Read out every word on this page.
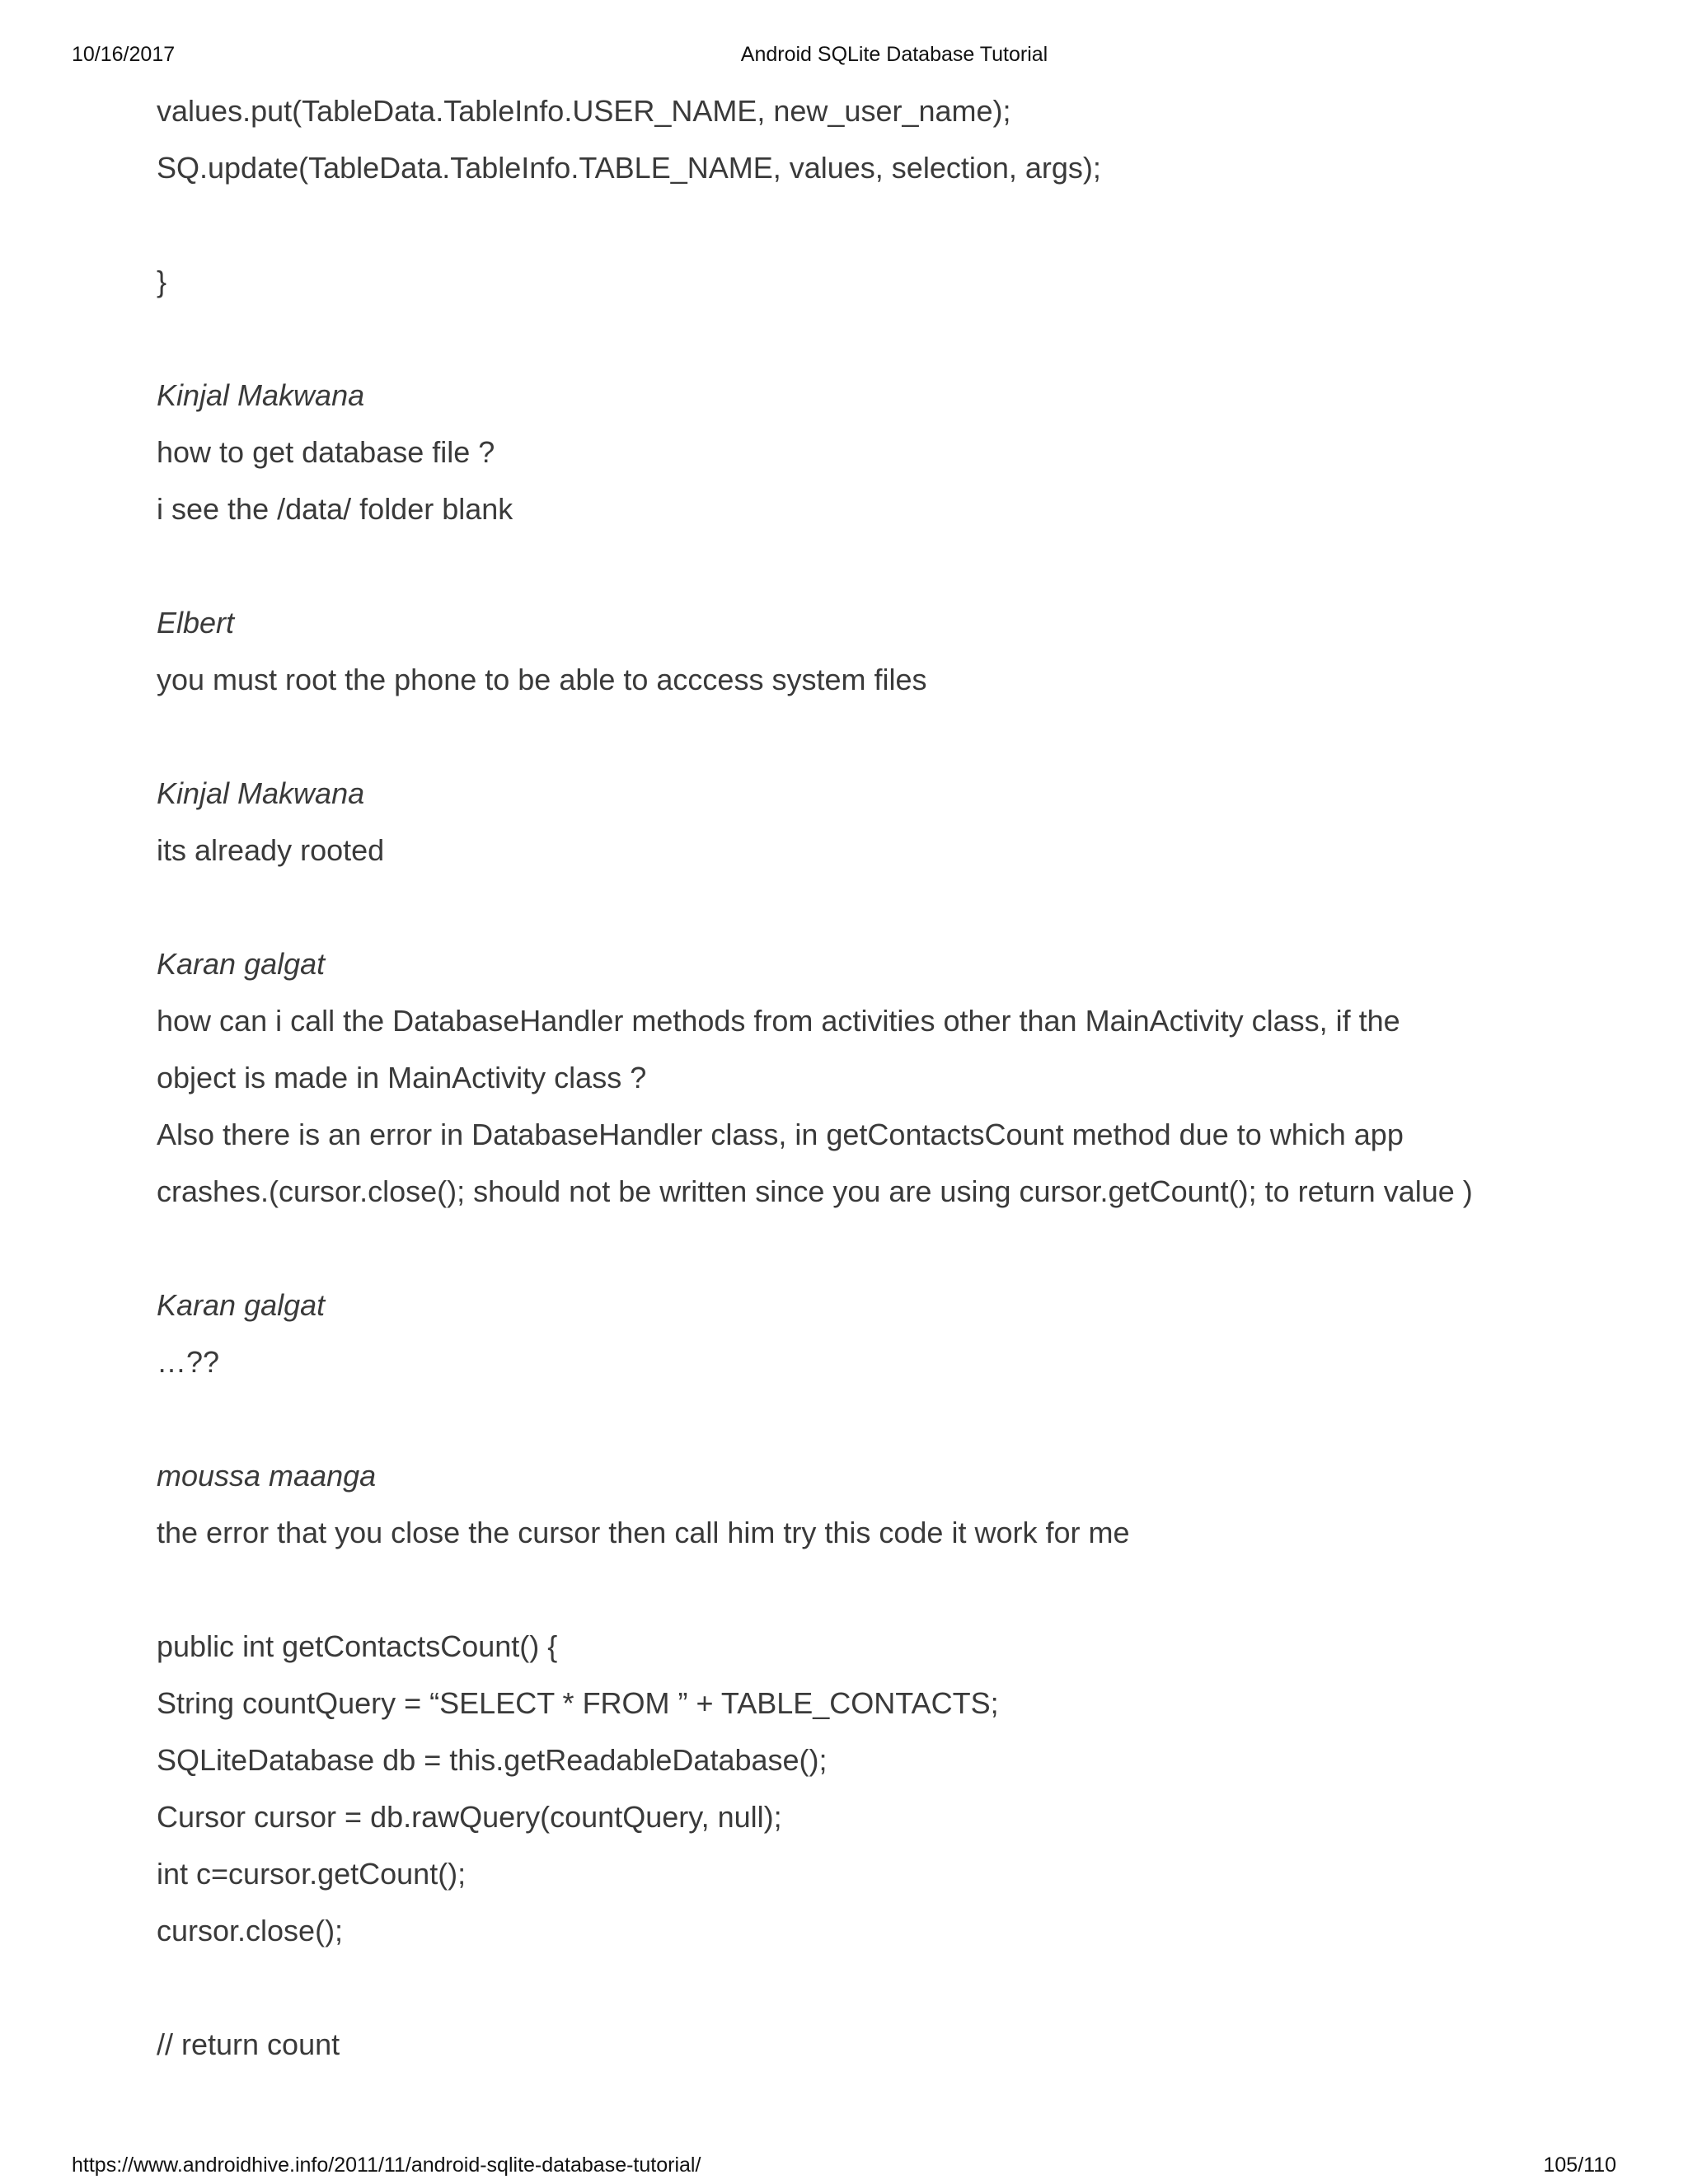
10/16/2017	Android SQLite Database Tutorial
values.put(TableData.TableInfo.USER_NAME, new_user_name);
SQ.update(TableData.TableInfo.TABLE_NAME, values, selection, args);
}
Kinjal Makwana
how to get database file ?
i see the /data/ folder blank
Elbert
you must root the phone to be able to acccess system files
Kinjal Makwana
its already rooted
Karan galgat
how can i call the DatabaseHandler methods from activities other than MainActivity class, if the
object is made in MainActivity class ?
Also there is an error in DatabaseHandler class, in getContactsCount method due to which app
crashes.(cursor.close(); should not be written since you are using cursor.getCount(); to return value )
Karan galgat
…??
moussa maanga
the error that you close the cursor then call him try this code it work for me
public int getContactsCount() {
String countQuery = “SELECT * FROM ” + TABLE_CONTACTS;
SQLiteDatabase db = this.getReadableDatabase();
Cursor cursor = db.rawQuery(countQuery, null);
int c=cursor.getCount();
cursor.close();
// return count
https://www.androidhive.info/2011/11/android-sqlite-database-tutorial/	105/110
